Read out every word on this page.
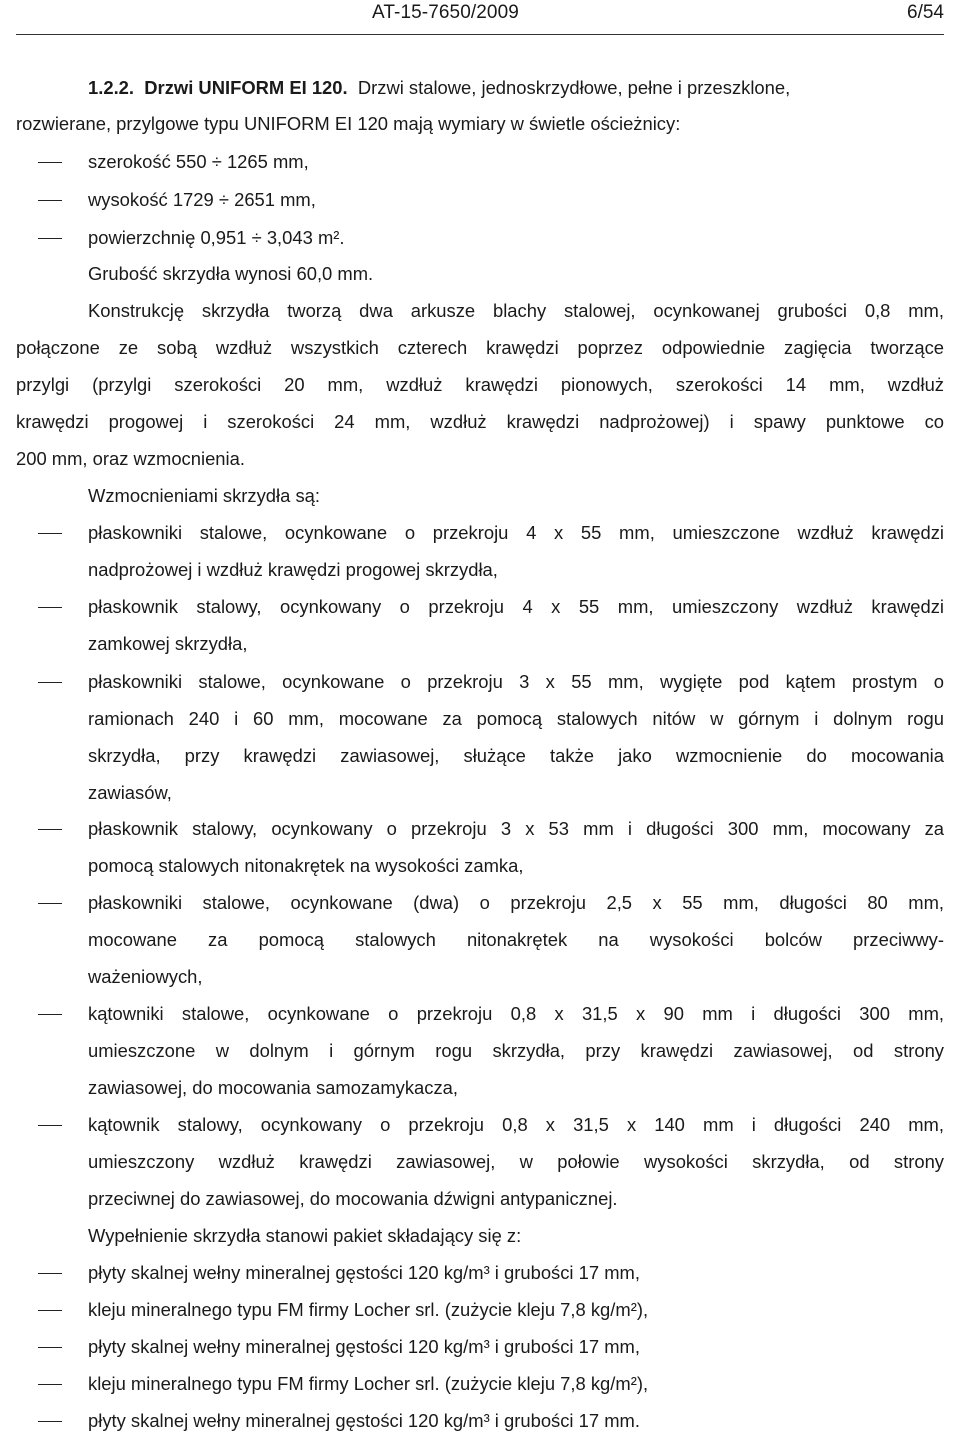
AT-15-7650/2009	6/54
1.2.2. Drzwi UNIFORM EI 120. Drzwi stalowe, jednoskrzydłowe, pełne i przeszklone,
rozwierane, przylgowe typu UNIFORM EI 120 mają wymiary w świetle ościeżnicy:
szerokość 550 ÷ 1265 mm,
wysokość 1729 ÷ 2651 mm,
powierzchnię 0,951 ÷ 3,043 m².
Grubość skrzydła wynosi 60,0 mm.
Konstrukcję skrzydła tworzą dwa arkusze blachy stalowej, ocynkowanej grubości 0,8 mm,
połączone ze sobą wzdłuż wszystkich czterech krawędzi poprzez odpowiednie zagięcia tworzące
przylgi (przylgi szerokości 20 mm, wzdłuż krawędzi pionowych, szerokości 14 mm, wzdłuż
krawędzi progowej i szerokości 24 mm, wzdłuż krawędzi nadprożowej) i spawy punktowe co
200 mm, oraz wzmocnienia.
Wzmocnieniami skrzydła są:
płaskowniki stalowe, ocynkowane o przekroju 4 x 55 mm, umieszczone wzdłuż krawędzi
nadprożowej i wzdłuż krawędzi progowej skrzydła,
płaskownik stalowy, ocynkowany o przekroju 4 x 55 mm, umieszczony wzdłuż krawędzi
zamkowej skrzydła,
płaskowniki stalowe, ocynkowane o przekroju 3 x 55 mm, wygięte pod kątem prostym o
ramionach 240 i 60 mm, mocowane za pomocą stalowych nitów w górnym i dolnym rogu
skrzydła, przy krawędzi zawiasowej, służące także jako wzmocnienie do mocowania
zawiasów,
płaskownik stalowy, ocynkowany o przekroju 3 x 53 mm i długości 300 mm, mocowany za
pomocą stalowych nitonakrętek na wysokości zamka,
płaskowniki stalowe, ocynkowane (dwa) o przekroju 2,5 x 55 mm, długości 80 mm,
mocowane za pomocą stalowych nitonakrętek na wysokości bolców przeciwwy-
ważeniowych,
kątowniki stalowe, ocynkowane o przekroju 0,8 x 31,5 x 90 mm i długości 300 mm,
umieszczone w dolnym i górnym rogu skrzydła, przy krawędzi zawiasowej, od strony
zawiasowej, do mocowania samozamykacza,
kątownik stalowy, ocynkowany o przekroju 0,8 x 31,5 x 140 mm i długości 240 mm,
umieszczony wzdłuż krawędzi zawiasowej, w połowie wysokości skrzydła, od strony
przeciwnej do zawiasowej, do mocowania dźwigni antypanicznej.
Wypełnienie skrzydła stanowi pakiet składający się z:
płyty skalnej wełny mineralnej gęstości 120 kg/m³ i grubości 17 mm,
kleju mineralnego typu FM firmy Locher srl. (zużycie kleju 7,8 kg/m²),
płyty skalnej wełny mineralnej gęstości 120 kg/m³ i grubości 17 mm,
kleju mineralnego typu FM firmy Locher srl. (zużycie kleju 7,8 kg/m²),
płyty skalnej wełny mineralnej gęstości 120 kg/m³ i grubości 17 mm.
